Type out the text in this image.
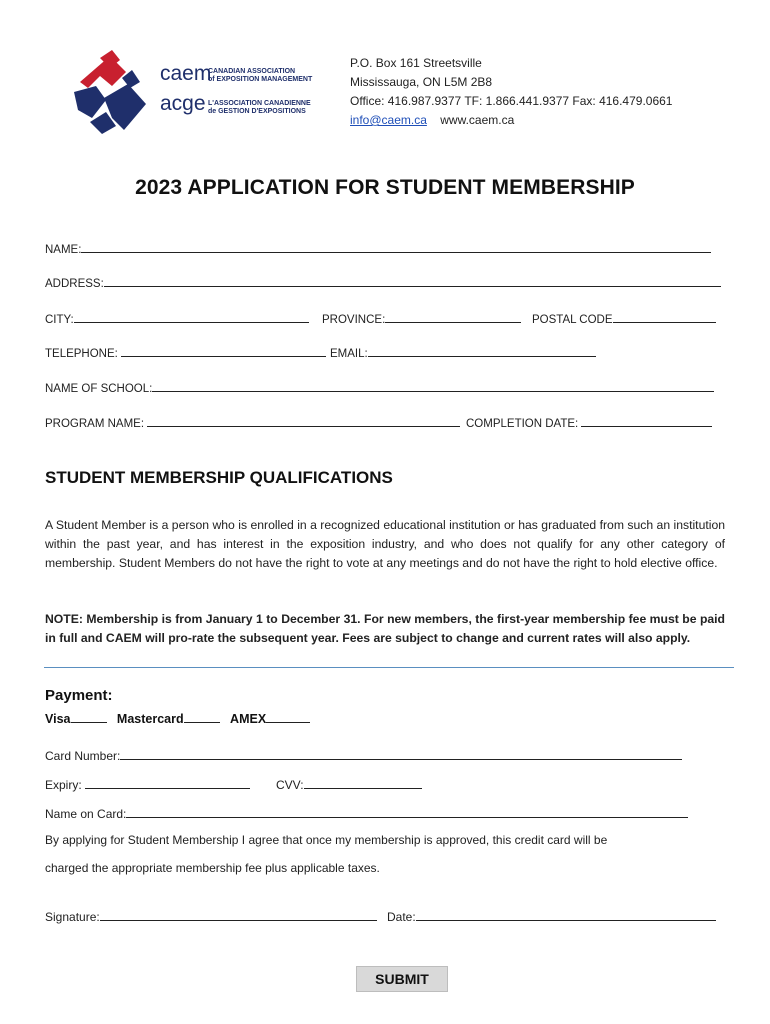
caem
CANADIAN ASSOCIATION
of EXPOSITION MANAGEMENT
acge L'ASSOCIATION CANADIENNE
de GESTION D'EXPOSITIONS
P.O. Box 161 Streetsville
Mississauga, ON L5M 2B8
Office: 416.987.9377 TF: 1.866.441.9377 Fax: 416.479.0661
info@caem.ca www.caem.ca
2023 APPLICATION FOR STUDENT MEMBERSHIP
NAME:
ADDRESS:
CITY:	PROVINCE:	POSTAL CODE
TELEPHONE:	EMAIL:
NAME OF SCHOOL:
PROGRAM NAME:	COMPLETION DATE:
STUDENT MEMBERSHIP QUALIFICATIONS
A Student Member is a person who is enrolled in a recognized educational institution or has graduated from such an institution within the past year, and has interest in the exposition industry, and who does not qualify for any other category of membership. Student Members do not have the right to vote at any meetings and do not have the right to hold elective office.
NOTE: Membership is from January 1 to December 31. For new members, the first-year membership fee must be paid in full and CAEM will pro-rate the subsequent year. Fees are subject to change and current rates will also apply.
Payment:
Visa	Mastercard	AMEX
Card Number:
Expiry:	CVV:
Name on Card:
By applying for Student Membership I agree that once my membership is approved, this credit card will be
charged the appropriate membership fee plus applicable taxes.
Signature:	Date:
SUBMIT
